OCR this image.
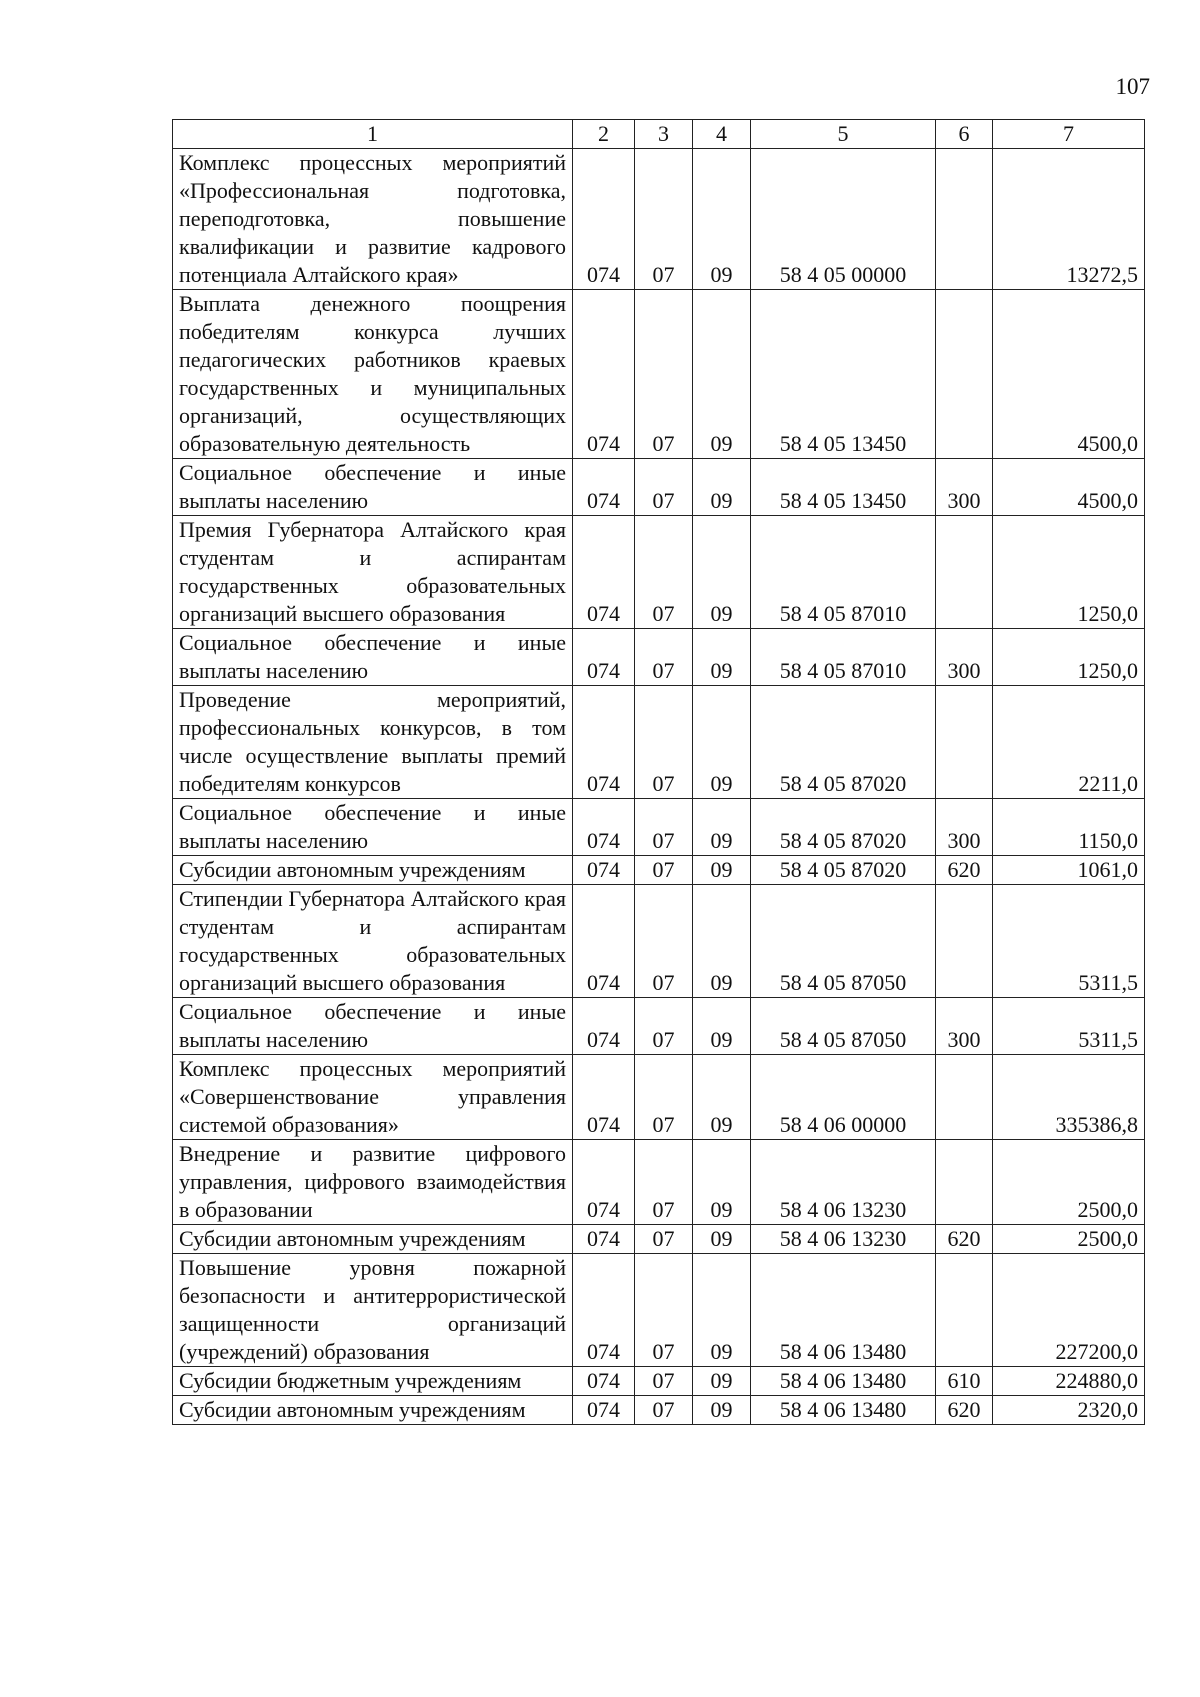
107
1	2	3	4	5	6	7
Комплекс процессных мероприятий «Профессиональная подготовка, переподготовка, повышение квалификации и развитие кадрового потенциала Алтайского края»	074	07	09	58 4 05 00000		13272,5
Выплата денежного поощрения победителям конкурса лучших педагогических работников краевых государственных и муниципальных организаций, осуществляющих образовательную деятельность	074	07	09	58 4 05 13450		4500,0
Социальное обеспечение и иные выплаты населению	074	07	09	58 4 05 13450	300	4500,0
Премия Губернатора Алтайского края студентам и аспирантам государственных образовательных организаций высшего образования	074	07	09	58 4 05 87010		1250,0
Социальное обеспечение и иные выплаты населению	074	07	09	58 4 05 87010	300	1250,0
Проведение мероприятий, профессиональных конкурсов, в том числе осуществление выплаты премий победителям конкурсов	074	07	09	58 4 05 87020		2211,0
Социальное обеспечение и иные выплаты населению	074	07	09	58 4 05 87020	300	1150,0
Субсидии автономным учреждениям	074	07	09	58 4 05 87020	620	1061,0
Стипендии Губернатора Алтайского края студентам и аспирантам государственных образовательных организаций высшего образования	074	07	09	58 4 05 87050		5311,5
Социальное обеспечение и иные выплаты населению	074	07	09	58 4 05 87050	300	5311,5
Комплекс процессных мероприятий «Совершенствование управления системой образования»	074	07	09	58 4 06 00000		335386,8
Внедрение и развитие цифрового управления, цифрового взаимодействия в образовании	074	07	09	58 4 06 13230		2500,0
Субсидии автономным учреждениям	074	07	09	58 4 06 13230	620	2500,0
Повышение уровня пожарной безопасности и антитеррористической защищенности организаций (учреждений) образования	074	07	09	58 4 06 13480		227200,0
Субсидии бюджетным учреждениям	074	07	09	58 4 06 13480	610	224880,0
Субсидии автономным учреждениям	074	07	09	58 4 06 13480	620	2320,0
